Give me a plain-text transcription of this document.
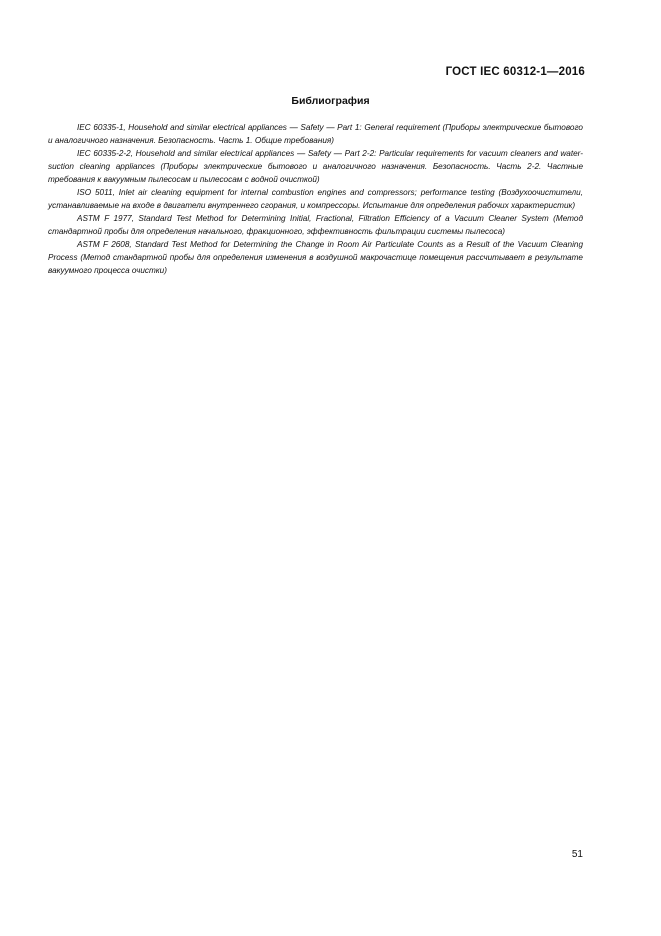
ГОСТ IEC 60312-1—2016
Библиография
IEC 60335-1, Household and similar electrical appliances — Safety — Part 1: General requirement (Приборы электрические бытового и аналогичного назначения. Безопасность. Часть 1. Общие требования)
IEC 60335-2-2, Household and similar electrical appliances — Safety — Part 2-2: Particular requirements for vacuum cleaners and water-suction cleaning appliances (Приборы электрические бытового и аналогичного назначения. Безопасность. Часть 2-2. Частные требования к вакуумным пылесосам и пылесосам с водной очисткой)
ISO 5011, Inlet air cleaning equipment for internal combustion engines and compressors; performance testing (Воздухоочистители, устанавливаемые на входе в двигатели внутреннего сгорания, и компрессоры. Испытание для определения рабочих характеристик)
ASTM F 1977, Standard Test Method for Determining Initial, Fractional, Filtration Efficiency of a Vacuum Cleaner System (Метод стандартной пробы для определения начального, фракционного, эффективность фильтрации системы пылесоса)
ASTM F 2608, Standard Test Method for Determining the Change in Room Air Particulate Counts as a Result of the Vacuum Cleaning Process (Метод стандартной пробы для определения изменения в воздушной макрочастице помещения рассчитывает в результате вакуумного процесса очистки)
51
